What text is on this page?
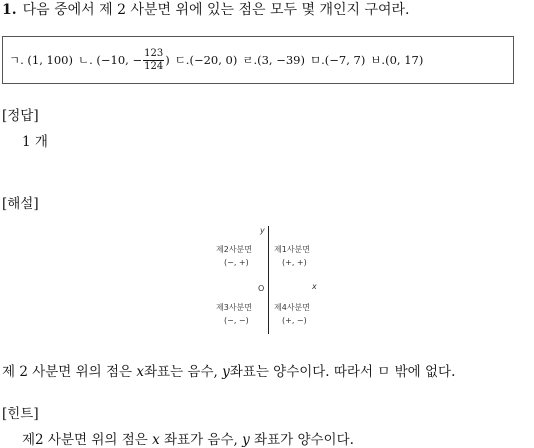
1. 다음 중에서 제 2 사분면 위에 있는 점은 모두 몇 개인지 구여라.
ㄱ.
(1, 100) ㄴ.
(−10, − $\frac{123}{124}$ ) ㄷ. (−20, 0) ㄹ. (3, −39) ㅁ. (−7, 7) ㅂ. (0, 17)
[정답]
1 개
[해설]
y
제2사분면
(−, +)
제1사분면
(+, +)
O	x
제3사분면
(−, −)
제4사분면
(+, −)
제 2 사분면 위의 점은 x좌표는 음수, y좌표는 양수이다. 따라서 ㅁ 밖에 없다.
[힌트]
제2 사분면 위의 점은 x 좌표가 음수, y 좌표가 양수이다.
